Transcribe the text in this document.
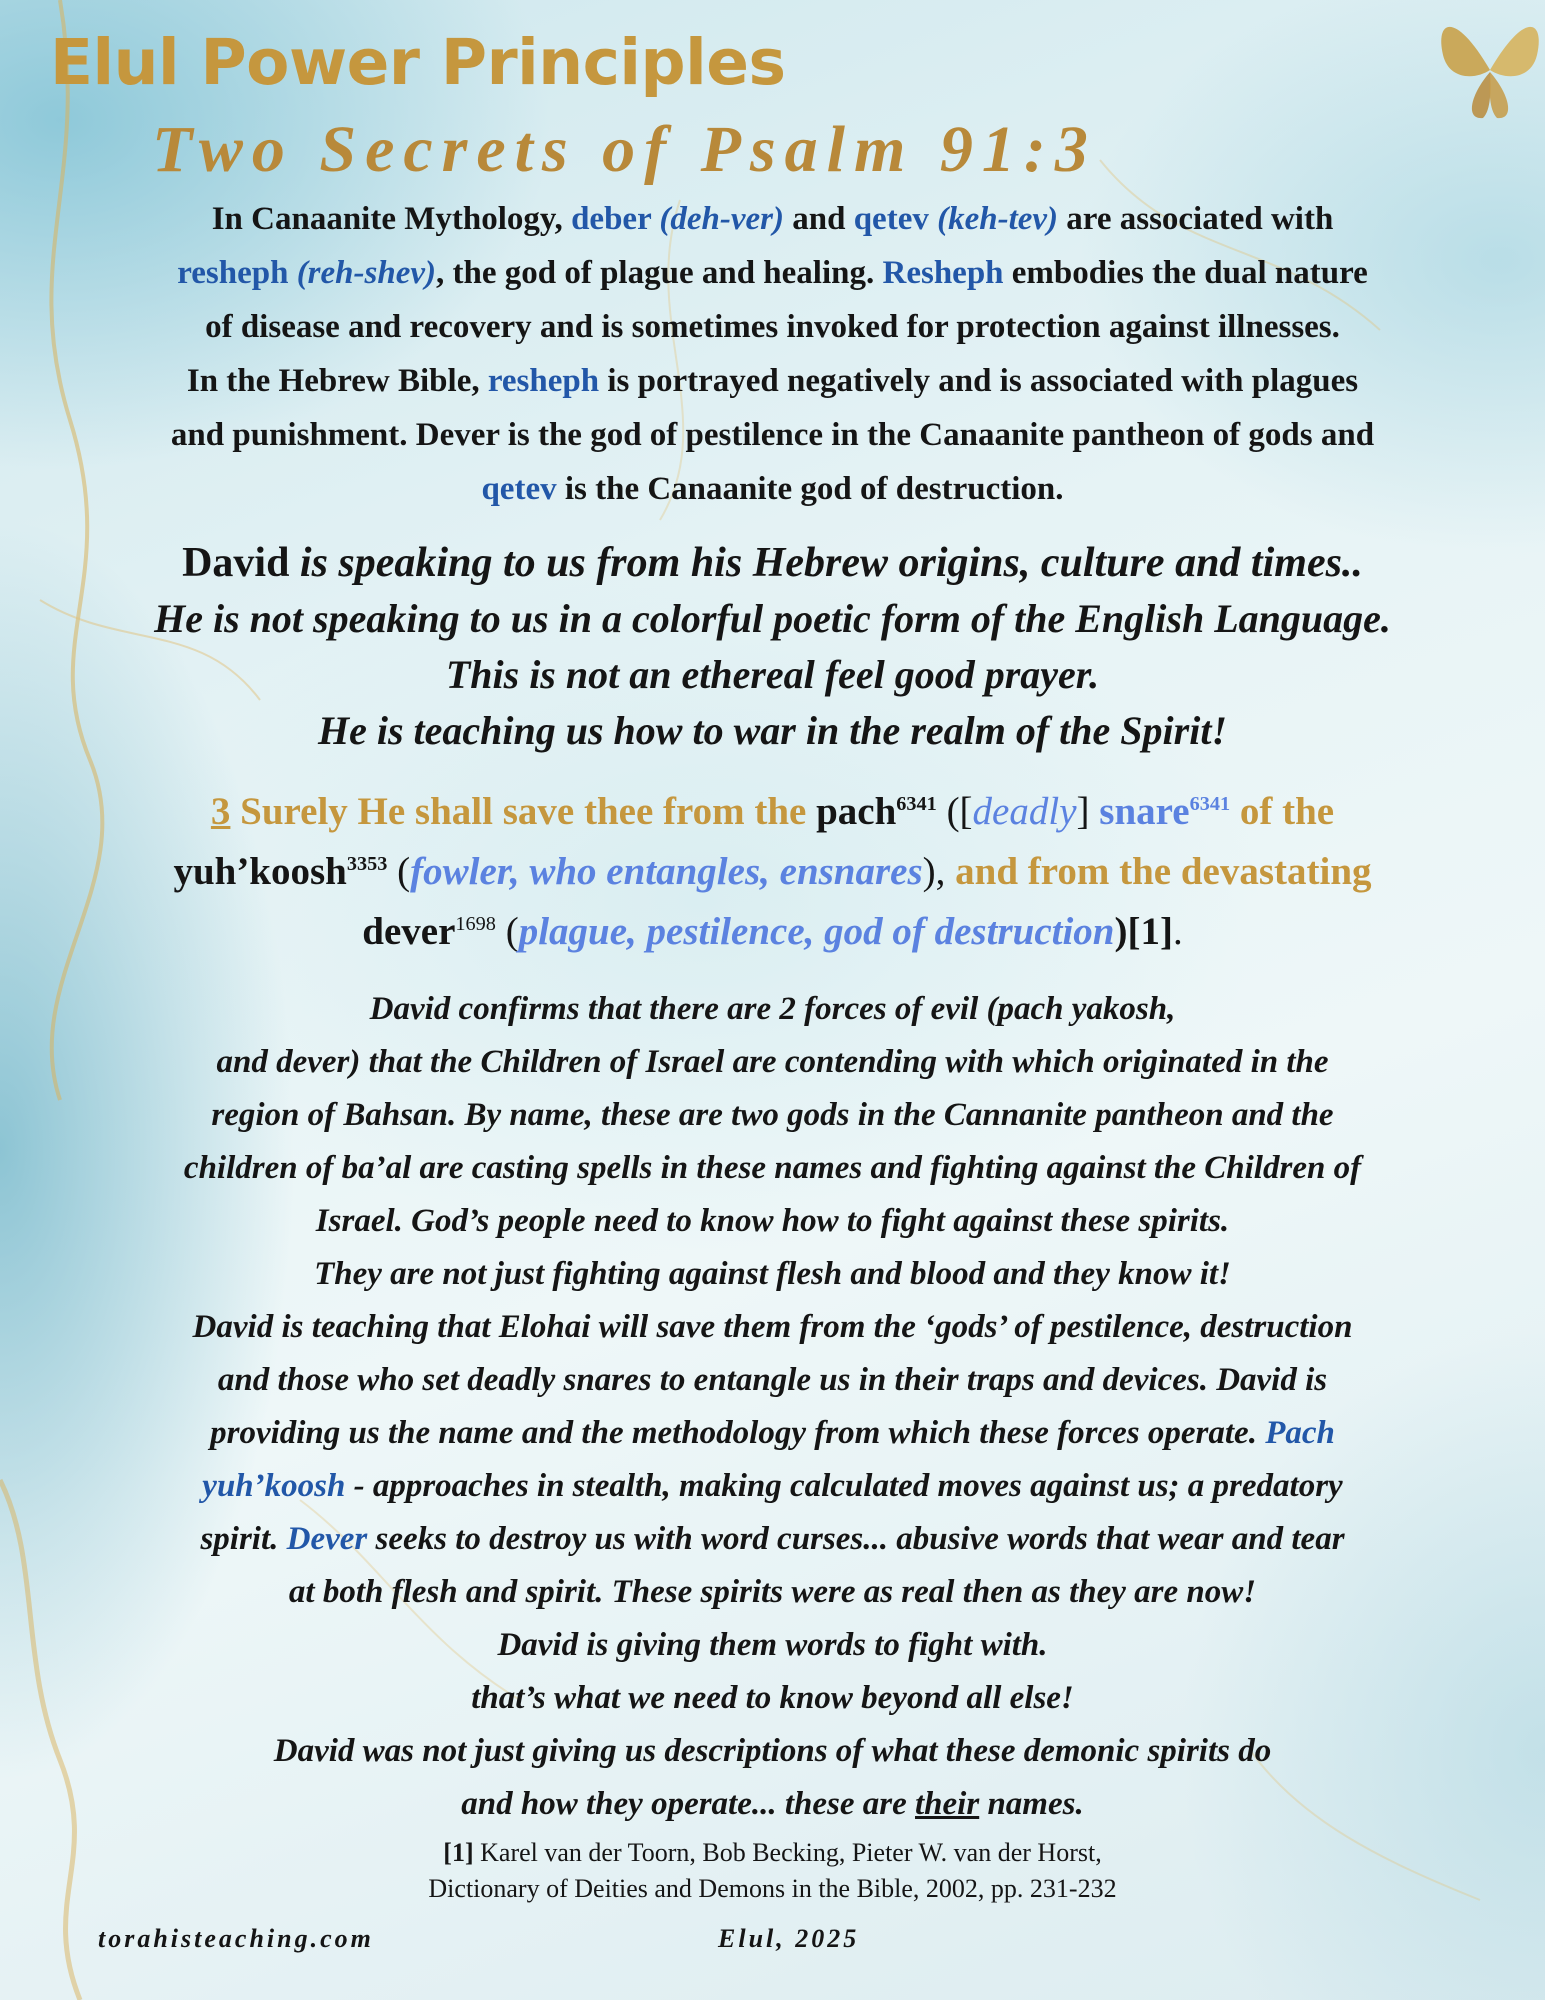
Elul Power Principles
Two Secrets of Psalm 91:3
In Canaanite Mythology, deber (deh-ver) and qetev (keh-tev) are associated with
resheph (reh-shev), the god of plague and healing. Resheph embodies the dual nature
of disease and recovery and is sometimes invoked for protection against illnesses.
In the Hebrew Bible, resheph is portrayed negatively and is associated with plagues
and punishment. Dever is the god of pestilence in the Canaanite pantheon of gods and
qetev is the Canaanite god of destruction.
David is speaking to us from his Hebrew origins, culture and times..
He is not speaking to us in a colorful poetic form of the English Language.
This is not an ethereal feel good prayer.
He is teaching us how to war in the realm of the Spirit!
3 Surely He shall save thee from the pach$^{6341}$ ([deadly] snare$^{6341}$ of the
yuh’koosh$^{3353}$ (fowler, who entangles, ensnares), and from the devastating
dever$^{1698}$ (plague, pestilence, god of destruction)[1].
David confirms that there are 2 forces of evil (pach yakosh,
and dever) that the Children of Israel are contending with which originated in the
region of Bahsan. By name, these are two gods in the Cannanite pantheon and the
children of ba’al are casting spells in these names and fighting against the Children of
Israel. God’s people need to know how to fight against these spirits.
They are not just fighting against flesh and blood and they know it!
David is teaching that Elohai will save them from the ‘gods’ of pestilence, destruction
and those who set deadly snares to entangle us in their traps and devices. David is
providing us the name and the methodology from which these forces operate. Pach
yuh’koosh - approaches in stealth, making calculated moves against us; a predatory
spirit. Dever seeks to destroy us with word curses... abusive words that wear and tear
at both flesh and spirit. These spirits were as real then as they are now!
David is giving them words to fight with.
that’s what we need to know beyond all else!
David was not just giving us descriptions of what these demonic spirits do
and how they operate... these are their names.
[1] Karel van der Toorn, Bob Becking, Pieter W. van der Horst,
Dictionary of Deities and Demons in the Bible, 2002, pp. 231-232
torahisteaching.com	Elul, 2025
